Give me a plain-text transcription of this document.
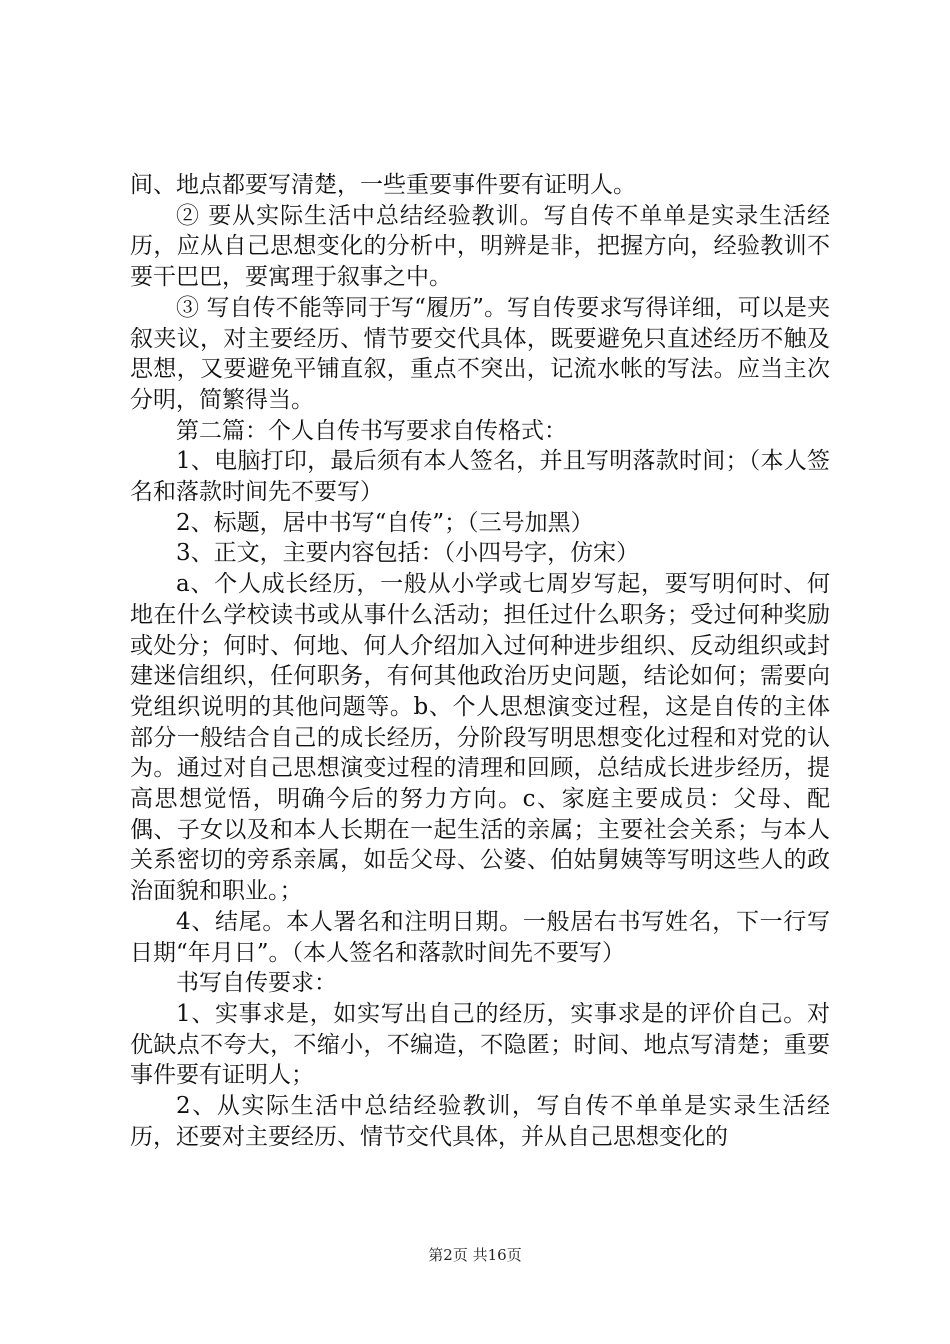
间、地点都要写清楚，一些重要事件要有证明人。

② 要从实际生活中总结经验教训。写自传不单单是实录生活经历，应从自己思想变化的分析中，明辨是非，把握方向，经验教训不要干巴巴，要寓理于叙事之中。

③ 写自传不能等同于写“履历”。写自传要求写得详细，可以是夹叙夹议，对主要经历、情节要交代具体，既要避免只直述经历不触及思想，又要避免平铺直叙，重点不突出，记流水帐的写法。应当主次分明，简繁得当。

第二篇：个人自传书写要求自传格式：

1、电脑打印，最后须有本人签名，并且写明落款时间；（本人签名和落款时间先不要写）

2、标题，居中书写“自传”；（三号加黑）

3、正文，主要内容包括：（小四号字，仿宋）

a、个人成长经历，一般从小学或七周岁写起，要写明何时、何地在什么学校读书或从事什么活动；担任过什么职务；受过何种奖励或处分；何时、何地、何人介绍加入过何种进步组织、反动组织或封建迷信组织，任何职务，有何其他政治历史问题，结论如何；需要向党组织说明的其他问题等。b、个人思想演变过程，这是自传的主体部分一般结合自己的成长经历，分阶段写明思想变化过程和对党的认为。通过对自己思想演变过程的清理和回顾，总结成长进步经历，提高思想觉悟，明确今后的努力方向。c、家庭主要成员：父母、配偶、子女以及和本人长期在一起生活的亲属；主要社会关系；与本人关系密切的旁系亲属，如岳父母、公婆、伯姑舅姨等写明这些人的政治面貌和职业。；

4、结尾。本人署名和注明日期。一般居右书写姓名，下一行写日期“年月日”。（本人签名和落款时间先不要写）

书写自传要求：

1、实事求是，如实写出自己的经历，实事求是的评价自己。对优缺点不夸大，不缩小，不编造，不隐匿；时间、地点写清楚；重要事件要有证明人；

2、从实际生活中总结经验教训，写自传不单单是实录生活经历，还要对主要经历、情节交代具体，并从自己思想变化的

第2页 共16页
